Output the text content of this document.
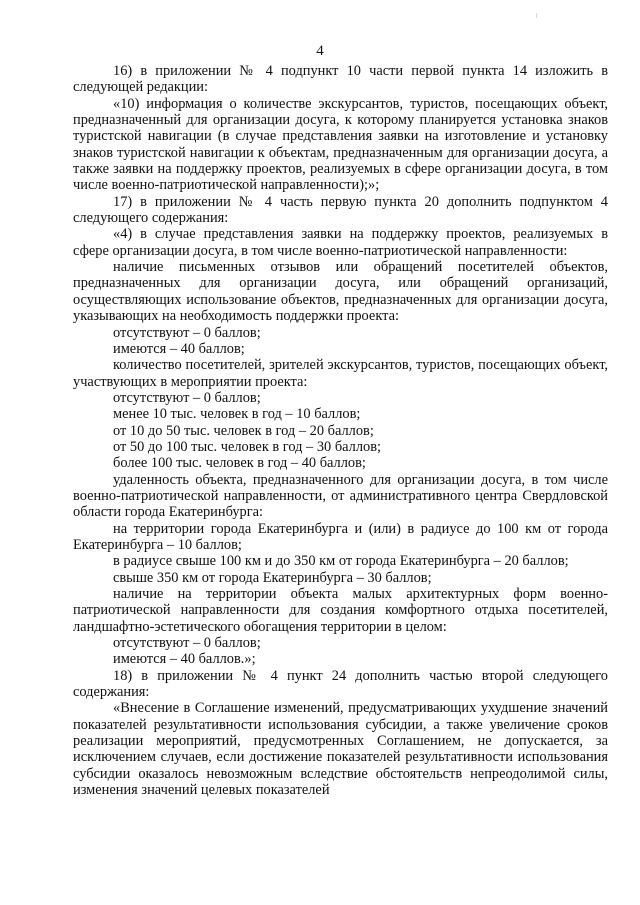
4

16) в приложении № 4 подпункт 10 части первой пункта 14 изложить в следующей редакции:

«10) информация о количестве экскурсантов, туристов, посещающих объект, предназначенный для организации досуга, к которому планируется установка знаков туристской навигации (в случае представления заявки на изготовление и установку знаков туристской навигации к объектам, предназначенным для организации досуга, а также заявки на поддержку проектов, реализуемых в сфере организации досуга, в том числе военно-патриотической направленности);»;

17) в приложении № 4 часть первую пункта 20 дополнить подпунктом 4 следующего содержания:

«4) в случае представления заявки на поддержку проектов, реализуемых в сфере организации досуга, в том числе военно-патриотической направленности:

наличие письменных отзывов или обращений посетителей объектов, предназначенных для организации досуга, или обращений организаций, осуществляющих использование объектов, предназначенных для организации досуга, указывающих на необходимость поддержки проекта:

отсутствуют – 0 баллов;

имеются – 40 баллов;

количество посетителей, зрителей экскурсантов, туристов, посещающих объект, участвующих в мероприятии проекта:

отсутствуют – 0 баллов;

менее 10 тыс. человек в год – 10 баллов;

от 10 до 50 тыс. человек в год – 20 баллов;

от 50 до 100 тыс. человек в год – 30 баллов;

более 100 тыс. человек в год – 40 баллов;

удаленность объекта, предназначенного для организации досуга, в том числе военно-патриотической направленности, от административного центра Свердловской области города Екатеринбурга:

на территории города Екатеринбурга и (или) в радиусе до 100 км от города Екатеринбурга – 10 баллов;

в радиусе свыше 100 км и до 350 км от города Екатеринбурга – 20 баллов;

свыше 350 км от города Екатеринбурга – 30 баллов;

наличие на территории объекта малых архитектурных форм военно-патриотической направленности для создания комфортного отдыха посетителей, ландшафтно-эстетического обогащения территории в целом:

отсутствуют – 0 баллов;

имеются – 40 баллов.»;

18) в приложении № 4 пункт 24 дополнить частью второй следующего содержания:

«Внесение в Соглашение изменений, предусматривающих ухудшение значений показателей результативности использования субсидии, а также увеличение сроков реализации мероприятий, предусмотренных Соглашением, не допускается, за исключением случаев, если достижение показателей результативности использования субсидии оказалось невозможным вследствие обстоятельств непреодолимой силы, изменения значений целевых показателей
